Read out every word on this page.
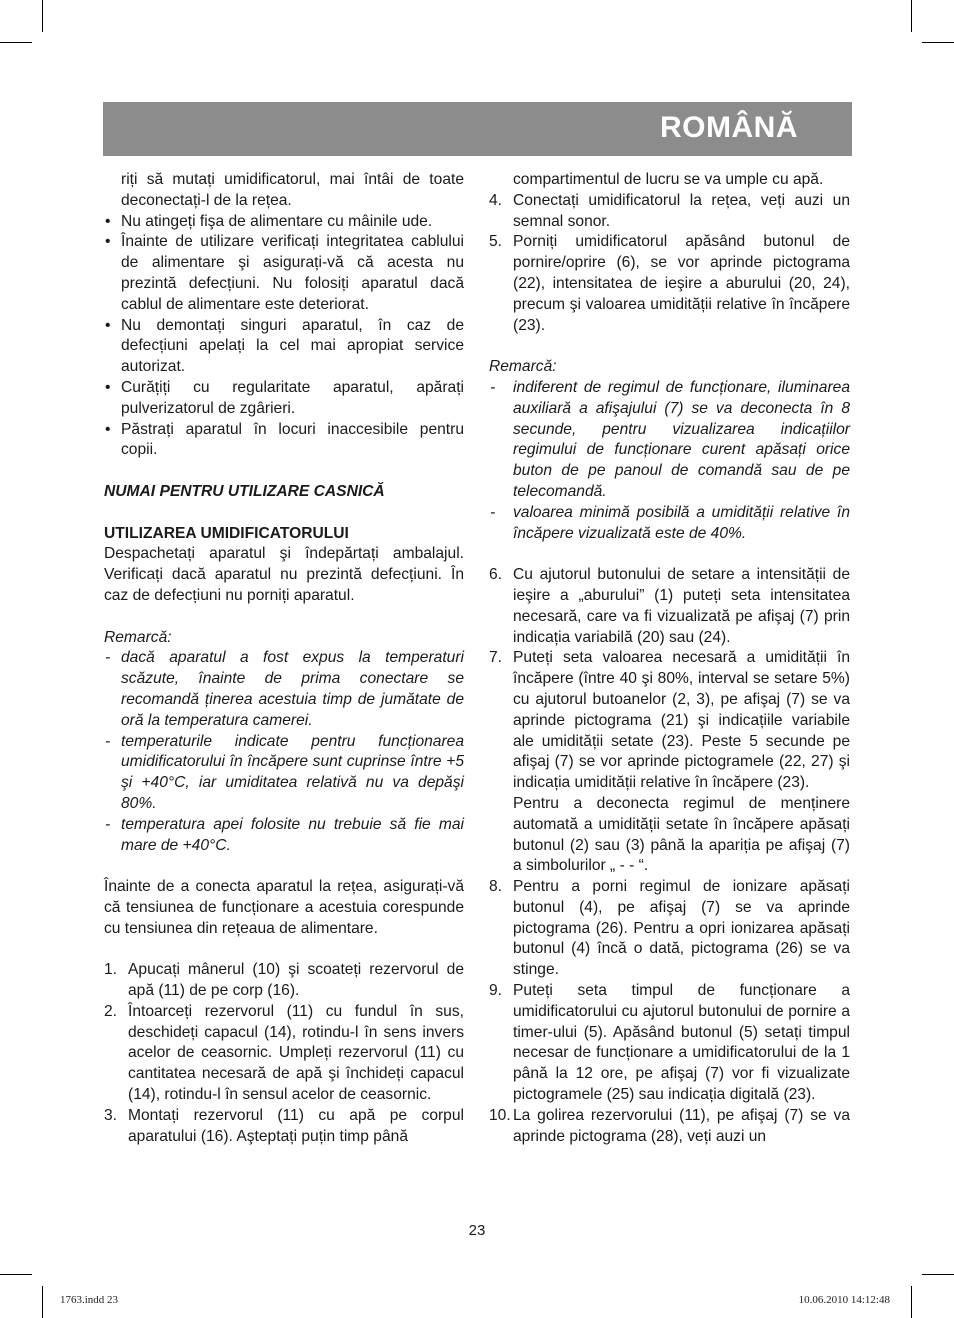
ROMÂNĂ

riți să mutați umidificatorul, mai întâi de toate deconectați-l de la rețea.

• Nu atingeți fişa de alimentare cu mâinile ude.
• Înainte de utilizare verificați integritatea cablului de alimentare şi asigurați-vă că acesta nu prezintă defecțiuni. Nu folosiți aparatul dacă cablul de alimentare este deteriorat.
• Nu demontați singuri aparatul, în caz de defecțiuni apelați la cel mai apropiat service autorizat.
• Curățiți cu regularitate aparatul, apărați pulverizatorul de zgârieri.
• Păstrați aparatul în locuri inaccesibile pentru copii.

NUMAI PENTRU UTILIZARE CASNICĂ

UTILIZAREA UMIDIFICATORULUI

Despachetați aparatul şi îndepărtați ambalajul. Verificați dacă aparatul nu prezintă defecțiuni. În caz de defecțiuni nu porniți aparatul.

Remarcă:

- dacă aparatul a fost expus la temperaturi scăzute, înainte de prima conectare se recomandă ținerea acestuia timp de jumătate de oră la temperatura camerei.
- temperaturile indicate pentru funcționarea umidificatorului în încăpere sunt cuprinse între +5 şi +40°C, iar umiditatea relativă nu va depăşi 80%.
- temperatura apei folosite nu trebuie să fie mai mare de +40°C.

Înainte de a conecta aparatul la rețea, asigurați-vă că tensiunea de funcționare a acestuia corespunde cu tensiunea din rețeaua de alimentare.

1. Apucați mânerul (10) şi scoateți rezervorul de apă (11) de pe corp (16).
2. Întoarceți rezervorul (11) cu fundul în sus, deschideți capacul (14), rotindu-l în sens invers acelor de ceasornic. Umpleți rezervorul (11) cu cantitatea necesară de apă şi închideți capacul (14), rotindu-l în sensul acelor de ceasornic.
3. Montați rezervorul (11) cu apă pe corpul aparatului (16). Aşteptați puțin timp până

compartimentul de lucru se va umple cu apă.

4. Conectați umidificatorul la rețea, veți auzi un semnal sonor.
5. Porniți umidificatorul apăsând butonul de pornire/oprire (6), se vor aprinde pictograma (22), intensitatea de ieşire a aburului (20, 24), precum şi valoarea umidității relative în încăpere (23).

Remarcă:

- indiferent de regimul de funcționare, iluminarea auxiliară a afişajului (7) se va deconecta în 8 secunde, pentru vizualizarea indicațiilor regimului de funcționare curent apăsați orice buton de pe panoul de comandă sau de pe telecomandă.
- valoarea minimă posibilă a umidității relative în încăpere vizualizată este de 40%.
6. Cu ajutorul butonului de setare a intensității de ieşire a „aburului” (1) puteți seta intensitatea necesară, care va fi vizualizată pe afişaj (7) prin indicația variabilă (20) sau (24).
7. Puteți seta valoarea necesară a umidității în încăpere (între 40 şi 80%, interval se setare 5%) cu ajutorul butoanelor (2, 3), pe afişaj (7) se va aprinde pictograma (21) şi indicațiile variabile ale umidității setate (23). Peste 5 secunde pe afişaj (7) se vor aprinde pictogramele (22, 27) şi indicația umidității relative în încăpere (23).
Pentru a deconecta regimul de menținere automată a umidității setate în încăpere apăsați butonul (2) sau (3) până la apariția pe afişaj (7) a simbolurilor „ - - “.
8. Pentru a porni regimul de ionizare apăsați butonul (4), pe afişaj (7) se va aprinde pictograma (26). Pentru a opri ionizarea apăsați butonul (4) încă o dată, pictograma (26) se va stinge.
9. Puteți seta timpul de funcționare a umidificatorului cu ajutorul butonului de pornire a timer-ului (5). Apăsând butonul (5) setați timpul necesar de funcționare a umidificatorului de la 1 până la 12 ore, pe afişaj (7) vor fi vizualizate pictogramele (25) sau indicația digitală (23).
10. La golirea rezervorului (11), pe afişaj (7) se va aprinde pictograma (28), veți auzi un
23
1763.indd 23	10.06.2010 14:12:48
